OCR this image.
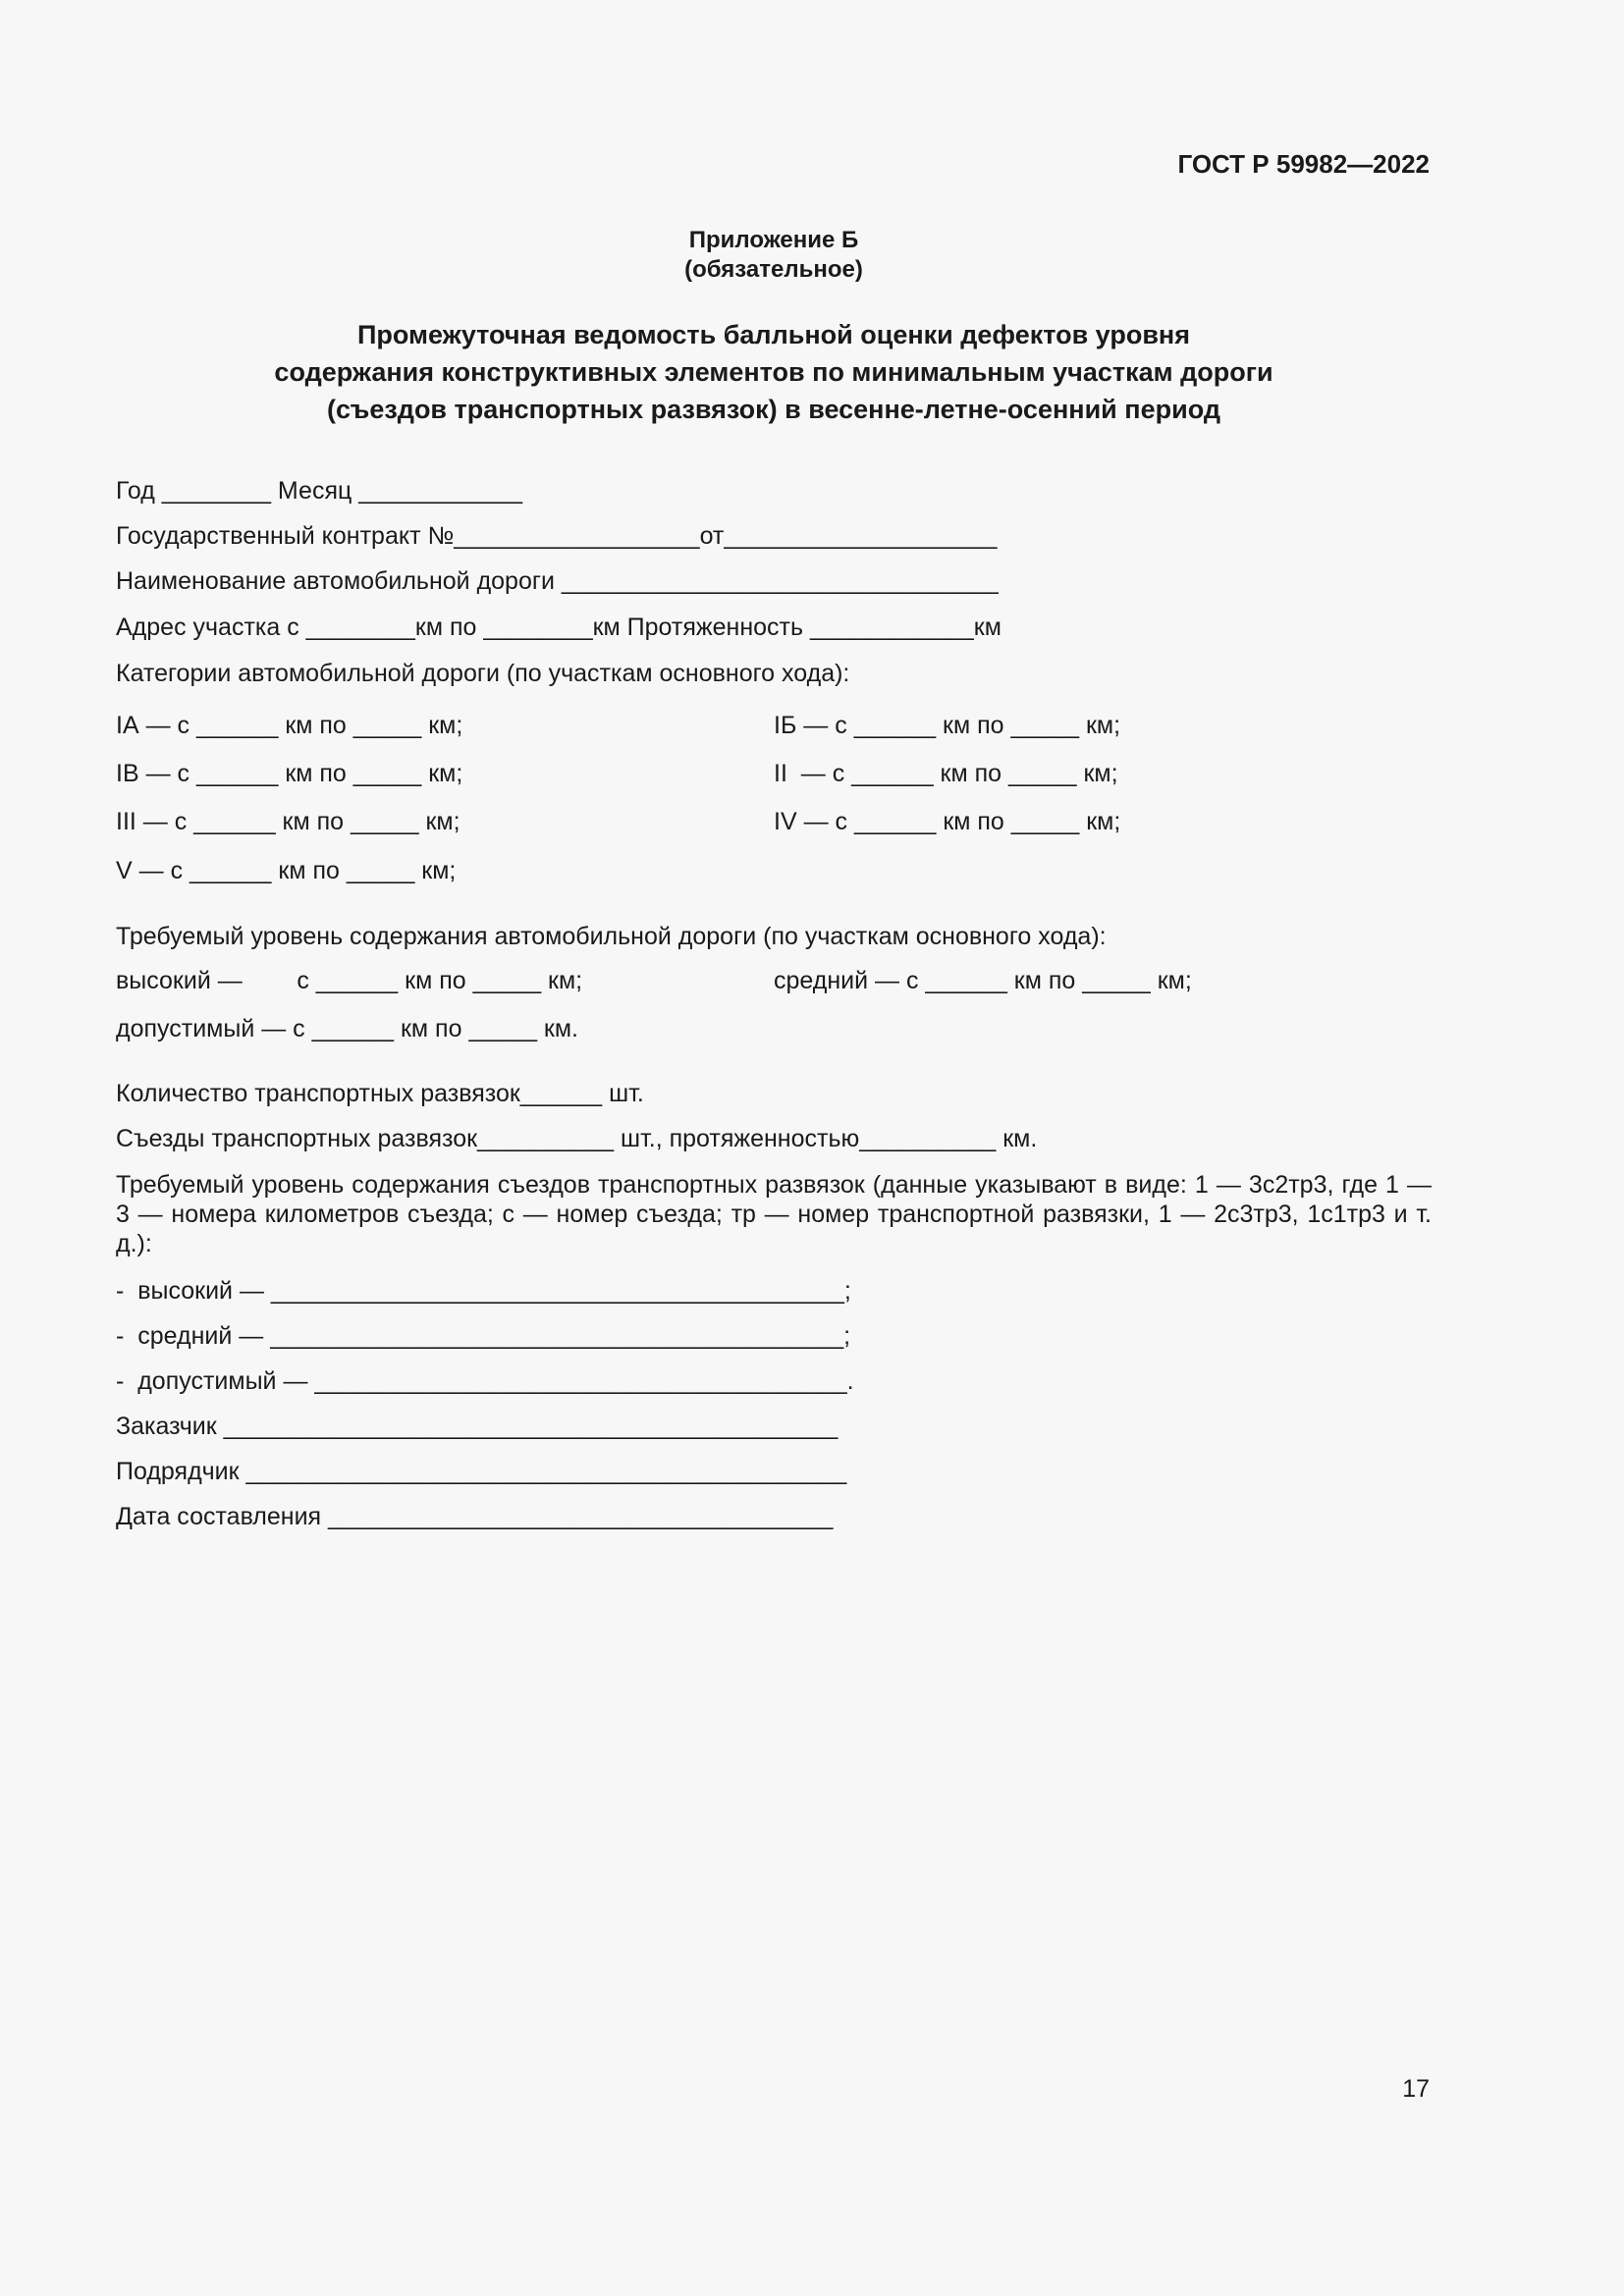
ГОСТ Р 59982—2022
Приложение Б
(обязательное)
Промежуточная ведомость балльной оценки дефектов уровня
содержания конструктивных элементов по минимальным участкам дороги
(съездов транспортных развязок) в весенне-летне-осенний период
Год ________ Месяц ____________
Государственный контракт №__________________от____________________
Наименование автомобильной дороги ________________________________
Адрес участка с ________км по ________км Протяженность ____________км
Категории автомобильной дороги (по участкам основного хода):
IА — с ______ км по _____ км;	IБ — с ______ км по _____ км;
IВ — с ______ км по _____ км;	II  — с ______ км по _____ км;
III — с ______ км по _____ км;	IV — с ______ км по _____ км;
V — с ______ км по _____ км;
Требуемый уровень содержания автомобильной дороги (по участкам основного хода):
высокий —        с ______ км по _____ км;	средний — с ______ км по _____ км;
допустимый — с ______ км по _____ км.
Количество транспортных развязок______ шт.
Съезды транспортных развязок__________ шт., протяженностью__________ км.
Требуемый уровень содержания съездов транспортных развязок (данные указывают в виде: 1 — 3с2тр3, где 1 — 3 — номера километров съезда; с — номер съезда; тр — номер транспортной развязки, 1 — 2с3тр3, 1с1тр3 и т. д.):
-  высокий — __________________________________________;
-  средний — __________________________________________;
-  допустимый — _______________________________________.
Заказчик _____________________________________________
Подрядчик ____________________________________________
Дата составления _____________________________________
17
